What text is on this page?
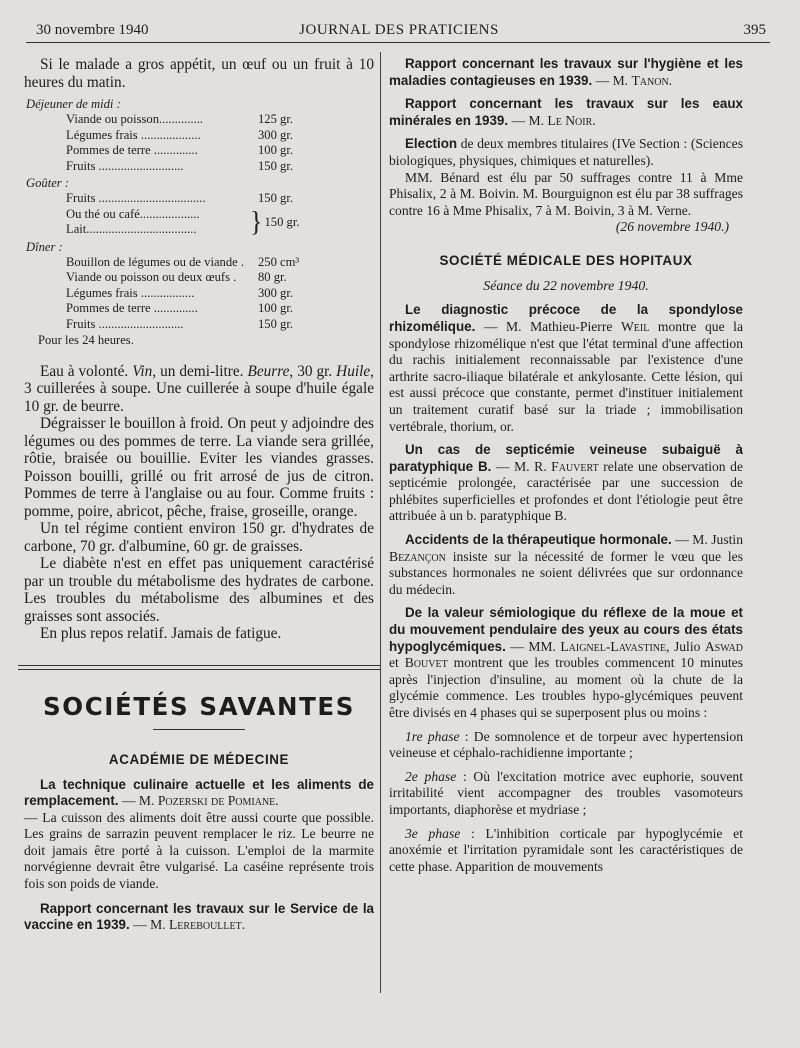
30 novembre 1940	JOURNAL DES PRATICIENS	395

Si le malade a gros appétit, un œuf ou un fruit à 10 heures du matin.

Déjeuner de midi :
Viande ou poisson..............	125 gr.
Légumes frais ...................	300 gr.
Pommes de terre ..............	100 gr.
Fruits ...........................	150 gr.
Goûter :
Fruits ..................................	150 gr.
Ou thé ou café...................
Lait...................................	} 150 gr.
Dîner :
Bouillon de légumes ou de viande .	250 cm³
Viande ou poisson ou deux œufs .	80 gr.
Légumes frais .................	300 gr.
Pommes de terre ..............	100 gr.
Fruits ...........................	150 gr.
Pour les 24 heures.

Eau à volonté. Vin, un demi-litre. Beurre, 30 gr. Huile, 3 cuillerées à soupe. Une cuillerée à soupe d'huile égale 10 gr. de beurre.

Dégraisser le bouillon à froid. On peut y adjoindre des légumes ou des pommes de terre. La viande sera grillée, rôtie, braisée ou bouillie. Eviter les viandes grasses. Poisson bouilli, grillé ou frit arrosé de jus de citron. Pommes de terre à l'anglaise ou au four. Comme fruits : pomme, poire, abricot, pêche, fraise, groseille, orange.

Un tel régime contient environ 150 gr. d'hydrates de carbone, 70 gr. d'albumine, 60 gr. de graisses.

Le diabète n'est en effet pas uniquement caractérisé par un trouble du métabolisme des hydrates de carbone. Les troubles du métabolisme des albumines et des graisses sont associés.

En plus repos relatif. Jamais de fatigue.

SOCIÉTÉS SAVANTES
ACADÉMIE DE MÉDECINE

La technique culinaire actuelle et les aliments de remplacement. — M. Pozerski de Pomiane.

— La cuisson des aliments doit être aussi courte que possible. Les grains de sarrazin peuvent remplacer le riz. Le beurre ne doit jamais être porté à la cuisson. L'emploi de la marmite norvégienne devrait être vulgarisé. La caséine représente trois fois son poids de viande.

Rapport concernant les travaux sur le Service de la vaccine en 1939. — M. Lereboullet.

Rapport concernant les travaux sur l'hygiène et les maladies contagieuses en 1939. — M. Tanon.

Rapport concernant les travaux sur les eaux minérales en 1939. — M. Le Noir.

Election de deux membres titulaires (IVe Section : (Sciences biologiques, physiques, chimiques et naturelles).

MM. Bénard est élu par 50 suffrages contre 11 à Mme Phisalix, 2 à M. Boivin. M. Bourguignon est élu par 38 suffrages contre 16 à Mme Phisalix, 7 à M. Boivin, 3 à M. Verne.

(26 novembre 1940.)

SOCIÉTÉ MÉDICALE DES HOPITAUX
Séance du 22 novembre 1940.

Le diagnostic précoce de la spondylose rhizomélique. — M. Mathieu-Pierre Weil montre que la spondylose rhizomélique n'est que l'état terminal d'une affection du rachis initialement reconnaissable par l'existence d'une arthrite sacro-iliaque bilatérale et ankylosante. Cette lésion, qui est aussi précoce que constante, permet d'instituer initialement un traitement curatif basé sur la triade ; immobilisation vertébrale, thorium, or.

Un cas de septicémie veineuse subaiguë à paratyphique B. — M. R. Fauvert relate une observation de septicémie prolongée, caractérisée par une succession de phlébites superficielles et profondes et dont l'étiologie peut être attribuée à un b. paratyphique B.

Accidents de la thérapeutique hormonale. — M. Justin Bezançon insiste sur la nécessité de former le vœu que les substances hormonales ne soient délivrées que sur ordonnance du médecin.

De la valeur sémiologique du réflexe de la moue et du mouvement pendulaire des yeux au cours des états hypoglycémiques. — MM. Laignel-Lavastine, Julio Aswad et Bouvet montrent que les troubles commencent 10 minutes après l'injection d'insuline, au moment où la chute de la glycémie commence. Les troubles hypo-glycémiques peuvent être divisés en 4 phases qui se superposent plus ou moins :

1re phase : De somnolence et de torpeur avec hypertension veineuse et céphalo-rachidienne importante ;

2e phase : Où l'excitation motrice avec euphorie, souvent irritabilité vient accompagner des troubles vasomoteurs importants, diaphorèse et mydriase ;

3e phase : L'inhibition corticale par hypoglycémie et anoxémie et l'irritation pyramidale sont les caractéristiques de cette phase. Apparition de mouvements
